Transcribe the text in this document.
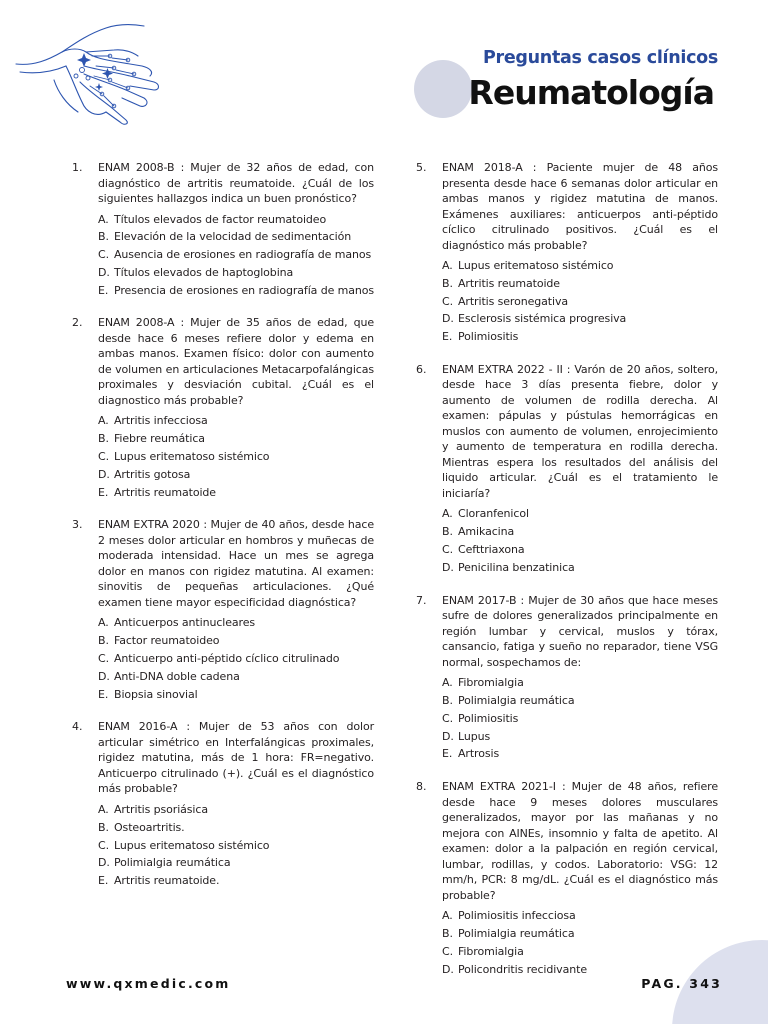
Preguntas casos clínicos
Reumatología
1. ENAM 2008-B : Mujer de 32 años de edad, con diagnóstico de artritis reumatoide. ¿Cuál de los siguientes hallazgos indica un buen pronóstico?

A. Títulos elevados de factor reumatoideo
B. Elevación de la velocidad de sedimentación
C. Ausencia de erosiones en radiografía de manos
D. Títulos elevados de haptoglobina
E. Presencia de erosiones en radiografía de manos
2. ENAM 2008-A : Mujer de 35 años de edad, que desde hace 6 meses refiere dolor y edema en ambas manos. Examen físico: dolor con aumento de volumen en articulaciones Metacarpofalángicas proximales y desviación cubital. ¿Cuál es el diagnostico más probable?

A. Artritis infecciosa
B. Fiebre reumática
C. Lupus eritematoso sistémico
D. Artritis gotosa
E. Artritis reumatoide
3. ENAM EXTRA 2020 : Mujer de 40 años, desde hace 2 meses dolor articular en hombros y muñecas de moderada intensidad. Hace un mes se agrega dolor en manos con rigidez matutina. Al examen: sinovitis de pequeñas articulaciones. ¿Qué examen tiene mayor especificidad diagnóstica?

A. Anticuerpos antinucleares
B. Factor reumatoideo
C. Anticuerpo anti-péptido cíclico citrulinado
D. Anti-DNA doble cadena
E. Biopsia sinovial
4. ENAM 2016-A : Mujer de 53 años con dolor articular simétrico en Interfalángicas proximales, rigidez matutina, más de 1 hora: FR=negativo. Anticuerpo citrulinado (+). ¿Cuál es el diagnóstico más probable?

A. Artritis psoriásica
B. Osteoartritis.
C. Lupus eritematoso sistémico
D. Polimialgia reumática
E. Artritis reumatoide.
5. ENAM 2018-A : Paciente mujer de 48 años presenta desde hace 6 semanas dolor articular en ambas manos y rigidez matutina de manos. Exámenes auxiliares: anticuerpos anti-péptido cíclico citrulinado positivos. ¿Cuál es el diagnóstico más probable?

A. Lupus eritematoso sistémico
B. Artritis reumatoide
C. Artritis seronegativa
D. Esclerosis sistémica progresiva
E. Polimiositis
6. ENAM EXTRA 2022 - II : Varón de 20 años, soltero, desde hace 3 días presenta fiebre, dolor y aumento de volumen de rodilla derecha. Al examen: pápulas y pústulas hemorrágicas en muslos con aumento de volumen, enrojecimiento y aumento de temperatura en rodilla derecha. Mientras espera los resultados del análisis del liquido articular. ¿Cuál es el tratamiento le iniciaría?

A. Cloranfenicol
B. Amikacina
C. Cefttriaxona
D. Penicilina benzatinica
7. ENAM 2017-B : Mujer de 30 años que hace meses sufre de dolores generalizados principalmente en región lumbar y cervical, muslos y tórax, cansancio, fatiga y sueño no reparador, tiene VSG normal, sospechamos de:

A. Fibromialgia
B. Polimialgia reumática
C. Polimiositis
D. Lupus
E. Artrosis
8. ENAM EXTRA 2021-I : Mujer de 48 años, refiere desde hace 9 meses dolores musculares generalizados, mayor por las mañanas y no mejora con AINEs, insomnio y falta de apetito. Al examen: dolor a la palpación en región cervical, lumbar, rodillas, y codos. Laboratorio: VSG: 12 mm/h, PCR: 8 mg/dL. ¿Cuál es el diagnóstico más probable?

A. Polimiositis infecciosa
B. Polimialgia reumática
C. Fibromialgia
D. Policondritis recidivante
www.qxmedic.com	PAG. 343
